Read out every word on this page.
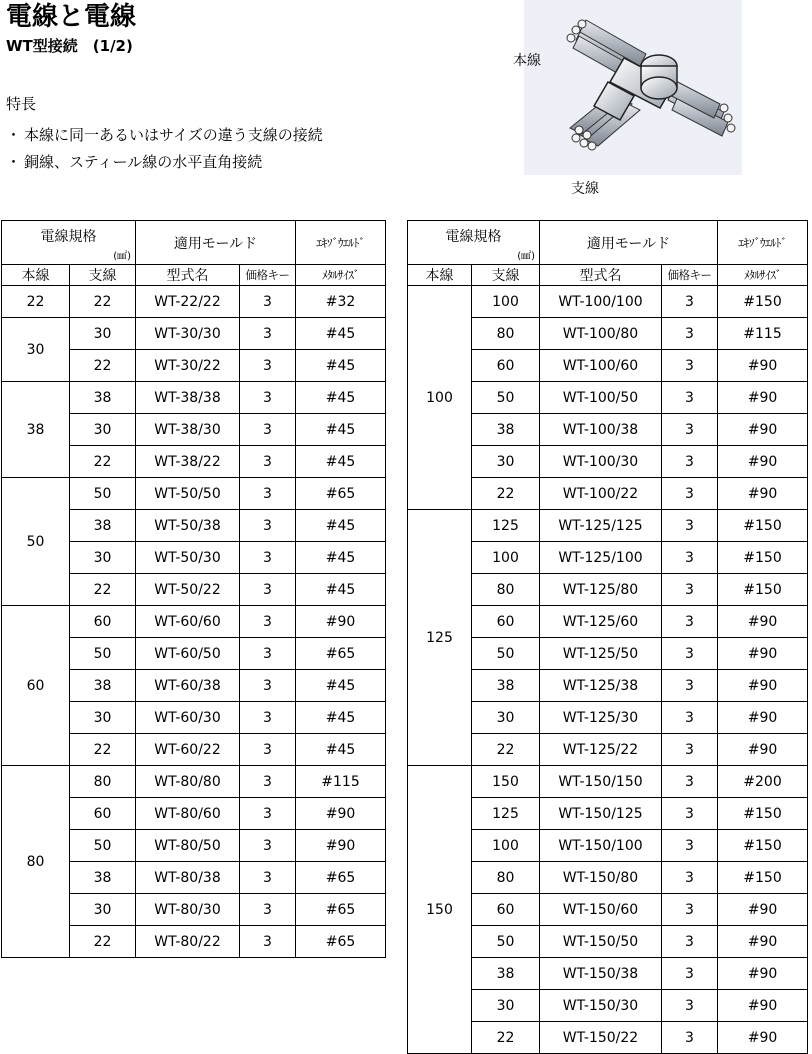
電線と電線
WT型接続　(1/2)
特長
・ 本線に同一あるいはサイズの違う支線の接続
・ 銅線、スティール線の水平直角接続
本線
支線
電線規格
(㎟)		適用モールド		ｴｷｿﾞｳｴﾙﾄﾞ
本線	支線	型式名	価格キー	ﾒﾀﾙｻｲｽﾞ
22	22	WT-22/22	3	#32
30	30	WT-30/30	3	#45
	22	WT-30/22	3	#45
38	38	WT-38/38	3	#45
	30	WT-38/30	3	#45
	22	WT-38/22	3	#45
50	50	WT-50/50	3	#65
	38	WT-50/38	3	#45
	30	WT-50/30	3	#45
	22	WT-50/22	3	#45
60	60	WT-60/60	3	#90
	50	WT-60/50	3	#65
	38	WT-60/38	3	#45
	30	WT-60/30	3	#45
	22	WT-60/22	3	#45
80	80	WT-80/80	3	#115
	60	WT-80/60	3	#90
	50	WT-80/50	3	#90
	38	WT-80/38	3	#65
	30	WT-80/30	3	#65
	22	WT-80/22	3	#65
電線規格
(㎟)		適用モールド		ｴｷｿﾞｳｴﾙﾄﾞ
本線	支線	型式名	価格キー	ﾒﾀﾙｻｲｽﾞ
100	100	WT-100/100	3	#150
	80	WT-100/80	3	#115
	60	WT-100/60	3	#90
	50	WT-100/50	3	#90
	38	WT-100/38	3	#90
	30	WT-100/30	3	#90
	22	WT-100/22	3	#90
125	125	WT-125/125	3	#150
	100	WT-125/100	3	#150
	80	WT-125/80	3	#150
	60	WT-125/60	3	#90
	50	WT-125/50	3	#90
	38	WT-125/38	3	#90
	30	WT-125/30	3	#90
	22	WT-125/22	3	#90
150	150	WT-150/150	3	#200
	125	WT-150/125	3	#150
	100	WT-150/100	3	#150
	80	WT-150/80	3	#150
	60	WT-150/60	3	#90
	50	WT-150/50	3	#90
	38	WT-150/38	3	#90
	30	WT-150/30	3	#90
	22	WT-150/22	3	#90
